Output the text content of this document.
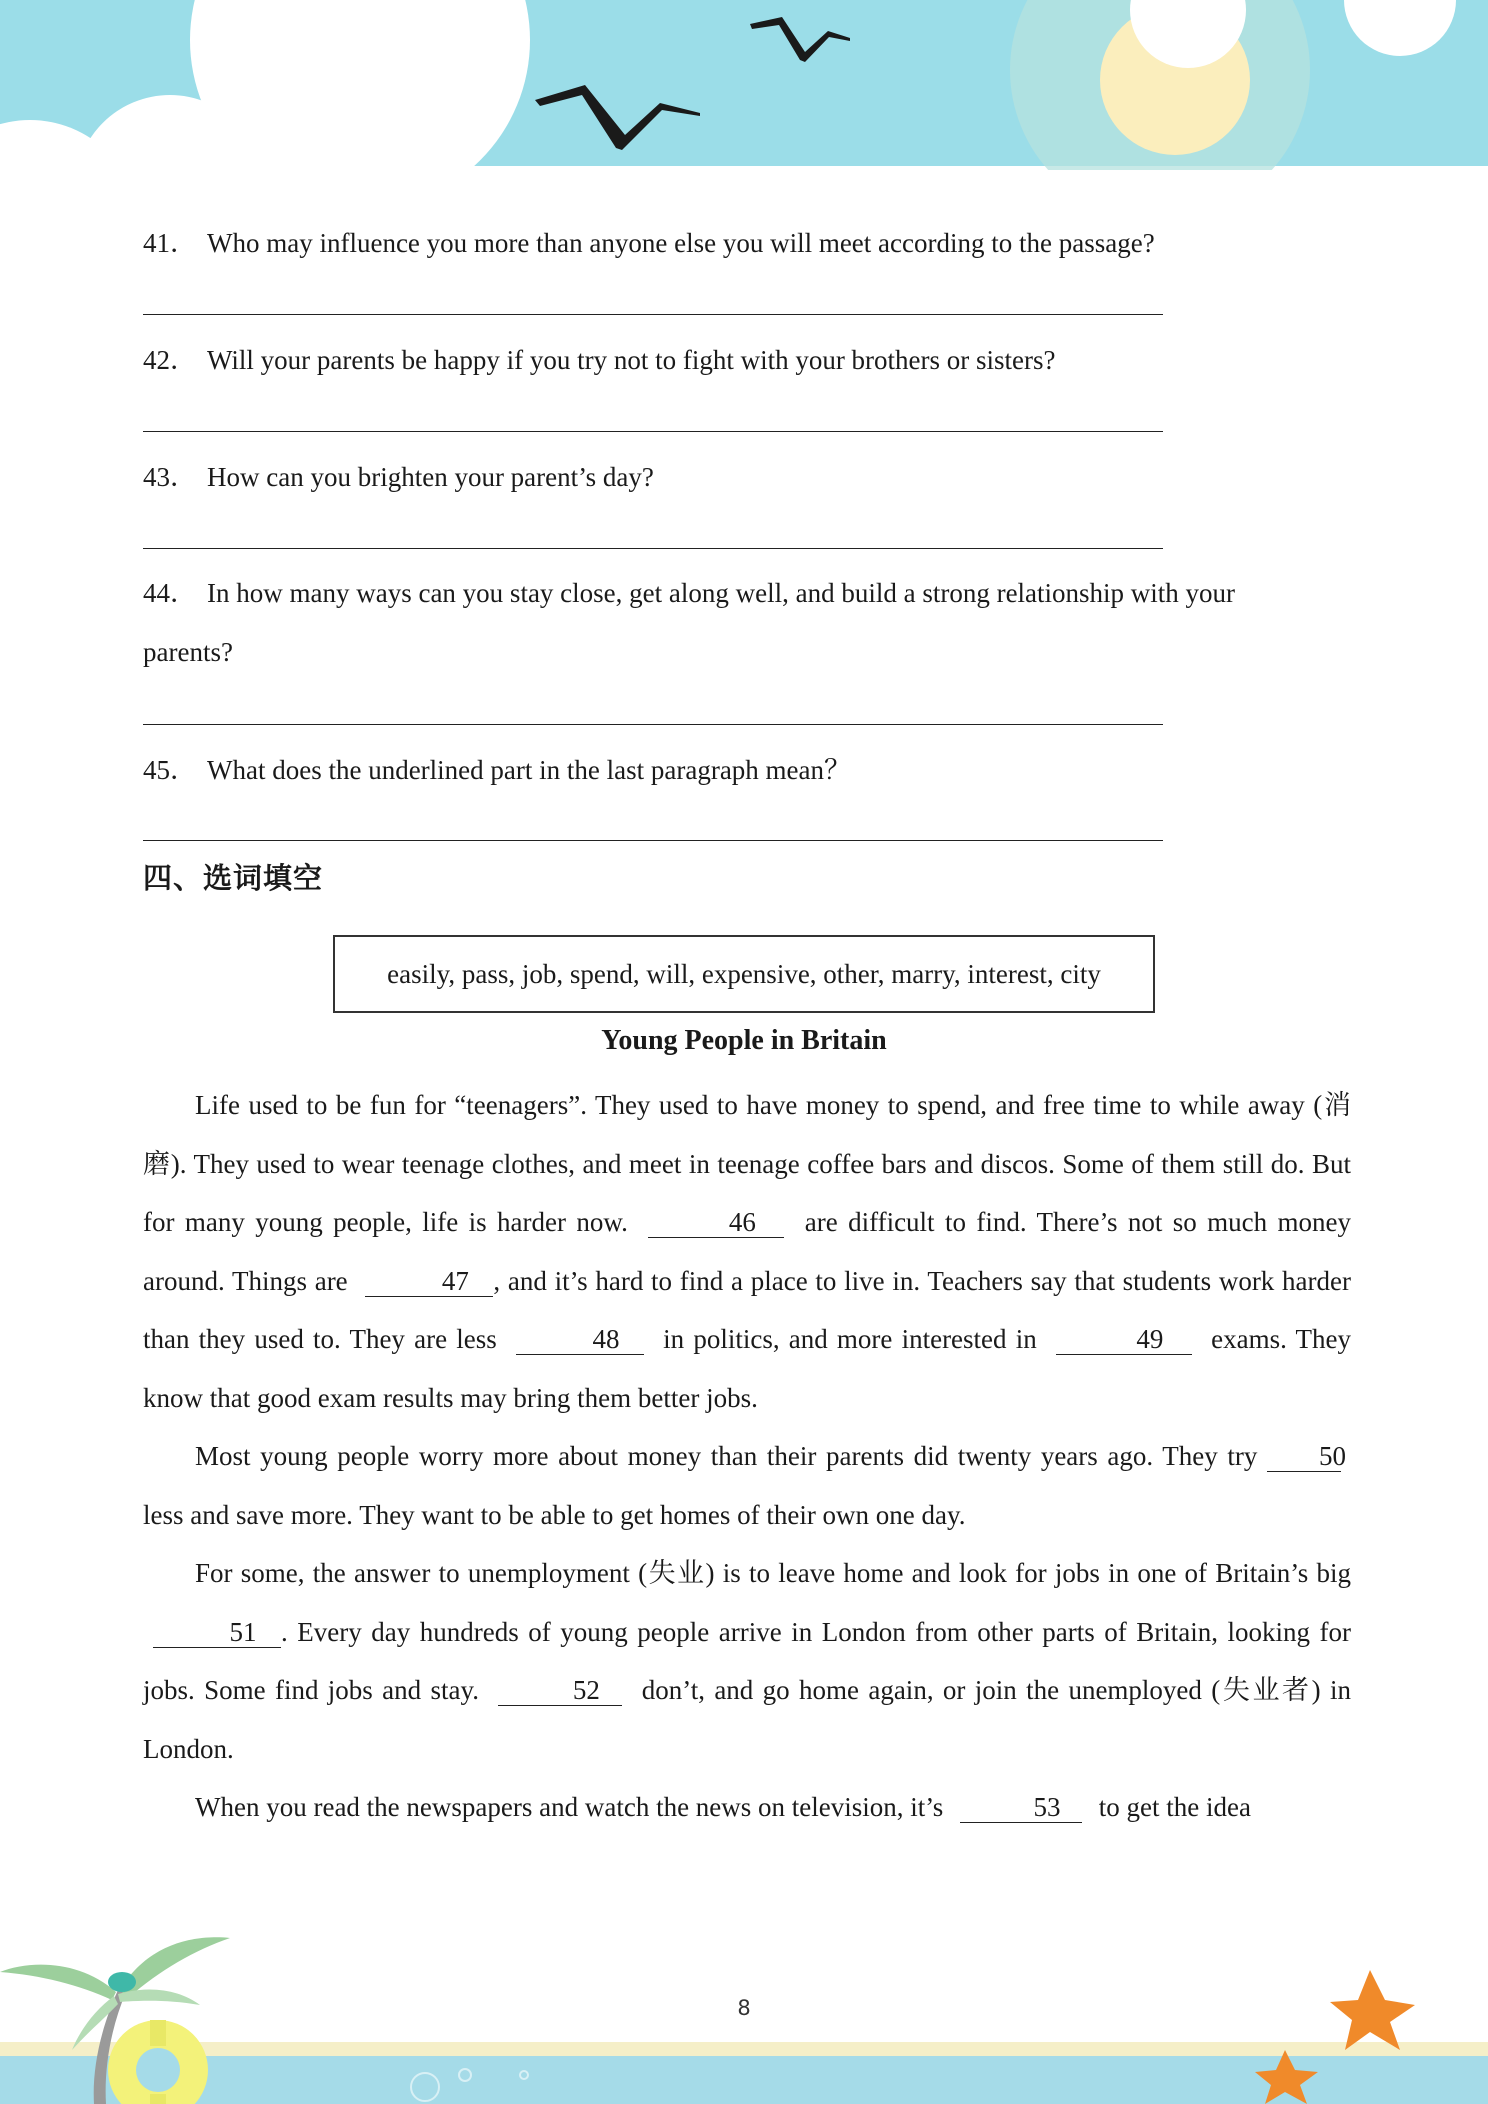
41． Who may influence you more than anyone else you will meet according to the passage?
42． Will your parents be happy if you try not to fight with your brothers or sisters?
43． How can you brighten your parent’s day?
44． In how many ways can you stay close, get along well, and build a strong relationship with your
parents?
45． What does the underlined part in the last paragraph mean？
四、选词填空
easily, pass, job, spend, will, expensive, other, marry, interest, city
Young People in Britain

Life used to be fun for “teenagers”. They used to have money to spend, and free time to while away (消磨). They used to wear teenage clothes, and meet in teenage coffee bars and discos. Some of them still do. But for many young people, life is harder now.	46 are difficult to find. There’s not so much money around. Things are	47 , and it’s hard to find a place to live in. Teachers say that students work harder than they used to. They are less	48 in politics, and more interested in	49 exams. They know that good exam results may bring them better jobs.

Most young people worry more about money than their parents did twenty years ago. They try 50 less and save more. They want to be able to get homes of their own one day.

For some, the answer to unemployment (失业) is to leave home and look for jobs in one of Britain’s big 51 . Every day hundreds of young people arrive in London from other parts of Britain, looking for jobs. Some find jobs and stay.	52 don’t, and go home again, or join the unemployed (失业者) in London.

When you read the newspapers and watch the news on television, it’s	53 to get the idea

8
